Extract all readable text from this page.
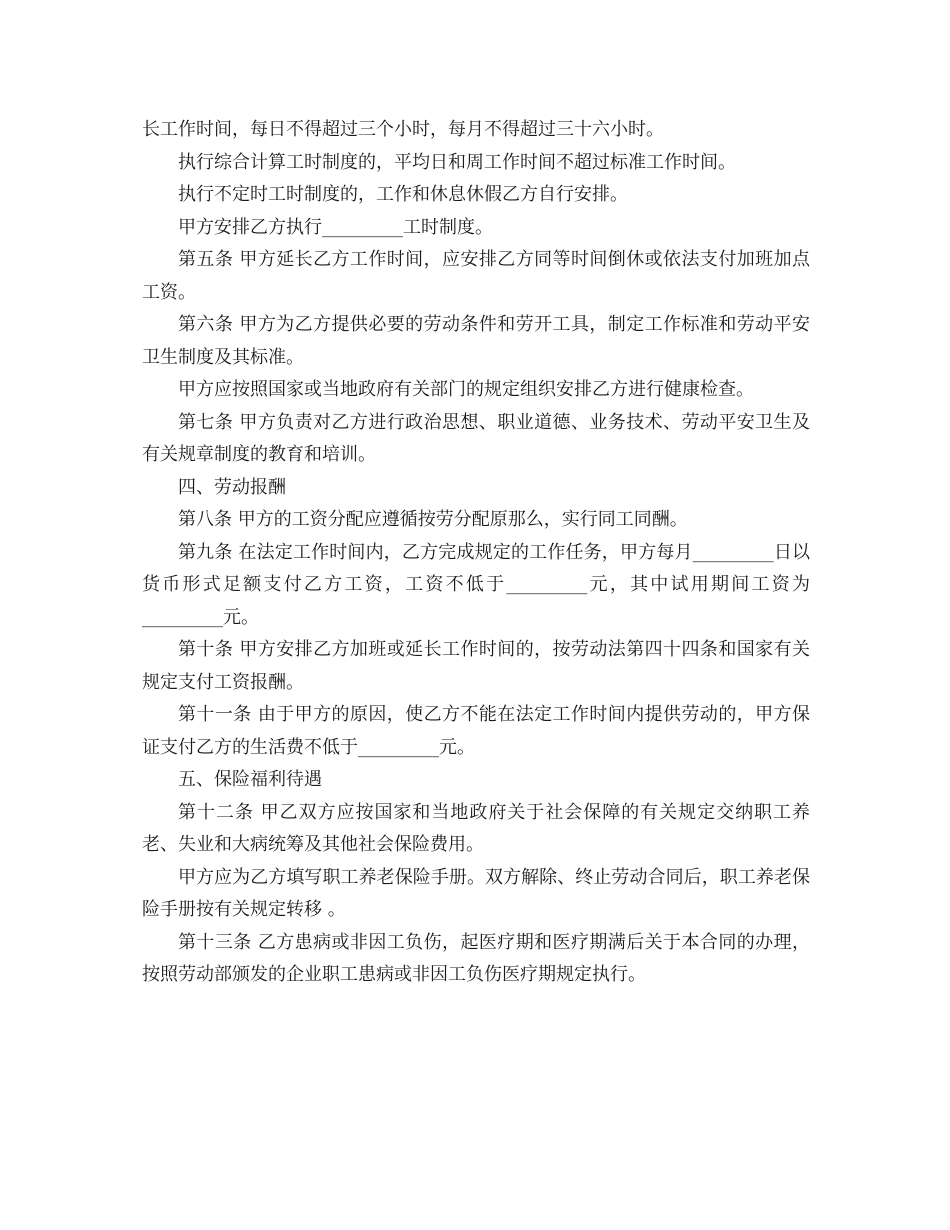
长工作时间，每日不得超过三个小时，每月不得超过三十六小时。

执行综合计算工时制度的，平均日和周工作时间不超过标准工作时间。

执行不定时工时制度的，工作和休息休假乙方自行安排。

甲方安排乙方执行_________工时制度。

第五条 甲方延长乙方工作时间，应安排乙方同等时间倒休或依法支付加班加点工资。

第六条 甲方为乙方提供必要的劳动条件和劳开工具，制定工作标准和劳动平安卫生制度及其标准。

甲方应按照国家或当地政府有关部门的规定组织安排乙方进行健康检查。

第七条 甲方负责对乙方进行政治思想、职业道德、业务技术、劳动平安卫生及有关规章制度的教育和培训。

四、劳动报酬

第八条 甲方的工资分配应遵循按劳分配原那么，实行同工同酬。

第九条 在法定工作时间内，乙方完成规定的工作任务，甲方每月_________日以货币形式足额支付乙方工资，工资不低于_________元，其中试用期间工资为_________元。

第十条 甲方安排乙方加班或延长工作时间的，按劳动法第四十四条和国家有关规定支付工资报酬。

第十一条 由于甲方的原因，使乙方不能在法定工作时间内提供劳动的，甲方保证支付乙方的生活费不低于_________元。

五、保险福利待遇

第十二条 甲乙双方应按国家和当地政府关于社会保障的有关规定交纳职工养老、失业和大病统筹及其他社会保险费用。

甲方应为乙方填写职工养老保险手册。双方解除、终止劳动合同后，职工养老保险手册按有关规定转移 。

第十三条 乙方患病或非因工负伤，起医疗期和医疗期满后关于本合同的办理，按照劳动部颁发的企业职工患病或非因工负伤医疗期规定执行。
